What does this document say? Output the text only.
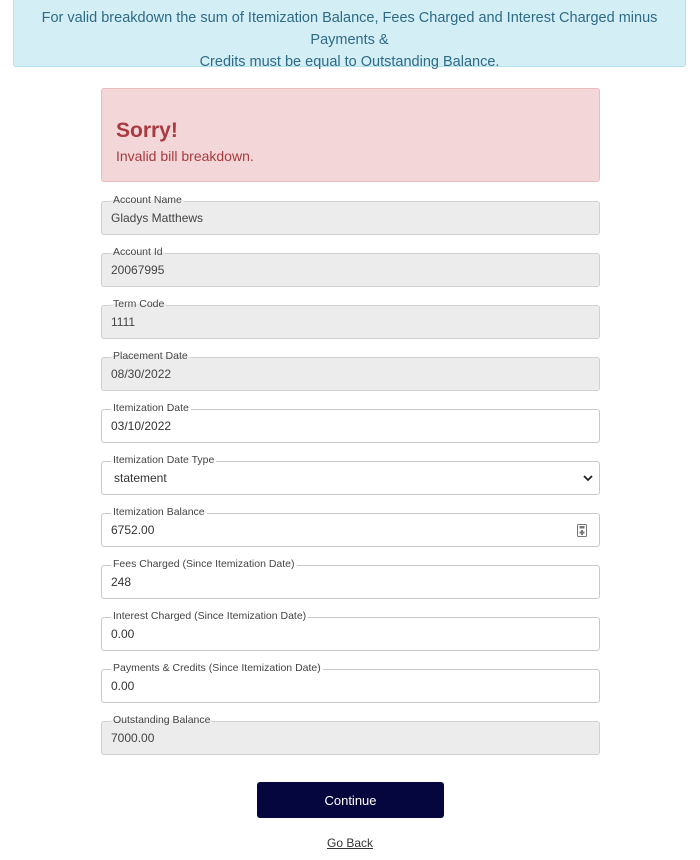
For valid breakdown the sum of Itemization Balance, Fees Charged and Interest Charged minus Payments &
Credits must be equal to Outstanding Balance.
Sorry!
Invalid bill breakdown.
Account Name
Gladys Matthews
Account Id
20067995
Term Code
1111
Placement Date
08/30/2022
Itemization Date
03/10/2022
Itemization Date Type
statement
Itemization Balance
6752.00
Fees Charged (Since Itemization Date)
248
Interest Charged (Since Itemization Date)
0.00
Payments & Credits (Since Itemization Date)
0.00
Outstanding Balance
7000.00
Continue
Go Back
